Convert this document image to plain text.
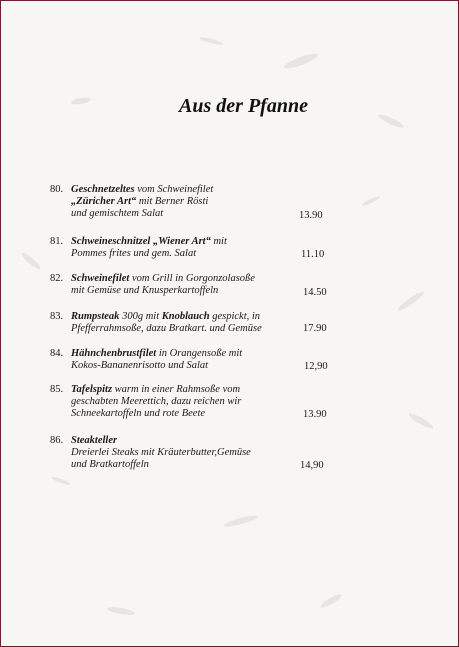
Aus der Pfanne
80. Geschnetzeltes vom Schweinefilet
„Züricher Art“ mit Berner Rösti
und gemischtem Salat	13.90
81. Schweineschnitzel „Wiener Art“ mit
Pommes frites und gem. Salat	11.10
82. Schweinefilet vom Grill in Gorgonzolasoße
mit Gemüse und Knusperkartoffeln	14.50
83. Rumpsteak 300g mit Knoblauch gespickt, in
Pfefferrahmsoße, dazu Bratkart. und Gemüse	17.90
84. Hähnchenbrustfilet in Orangensoße mit
Kokos-Bananenrisotto und Salat	12,90
85. Tafelspitz warm in einer Rahmsoße vom
geschabten Meerettich, dazu reichen wir
Schneekartoffeln und rote Beete	13.90
86. Steakteller
Dreierlei Steaks mit Kräuterbutter,Gemüse
und Bratkartoffeln	14,90
